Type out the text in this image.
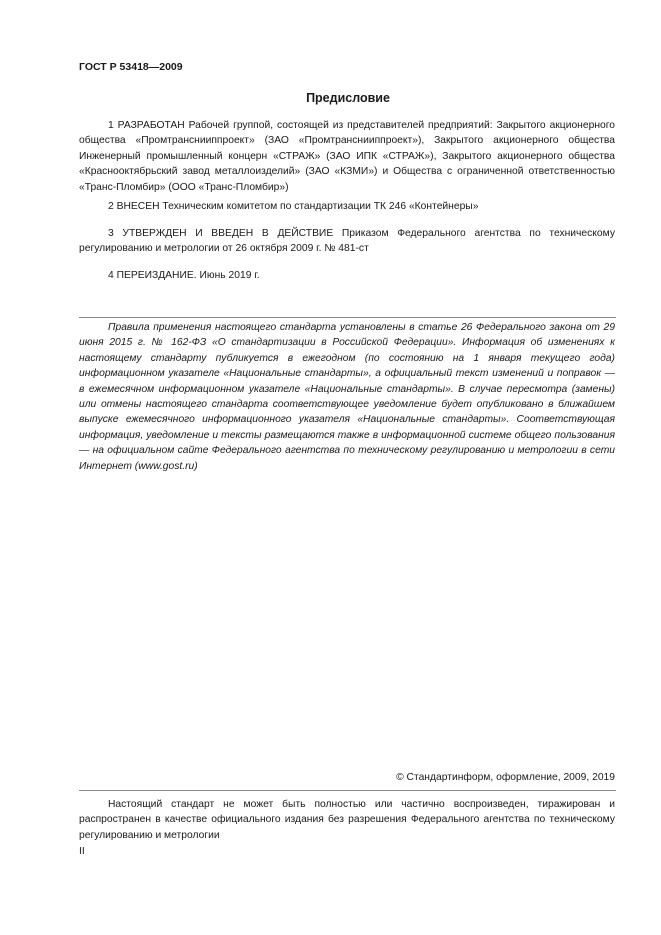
ГОСТ Р 53418—2009
Предисловие

1 РАЗРАБОТАН Рабочей группой, состоящей из представителей предприятий: Закрытого акционерного общества «Промтранснииппроект» (ЗАО «Промтранснииппроект»), Закрытого акционерного общества Инженерный промышленный концерн «СТРАЖ» (ЗАО ИПК «СТРАЖ»), Закрытого акционерного общества «Краснооктябрьский завод металлоизделий» (ЗАО «КЗМИ») и Общества с ограниченной ответственностью «Транс-Пломбир» (ООО «Транс-Пломбир»)

2 ВНЕСЕН Техническим комитетом по стандартизации ТК 246 «Контейнеры»

3 УТВЕРЖДЕН И ВВЕДЕН В ДЕЙСТВИЕ Приказом Федерального агентства по техническому регулированию и метрологии от 26 октября 2009 г. № 481-ст

4 ПЕРЕИЗДАНИЕ. Июнь 2019 г.

Правила применения настоящего стандарта установлены в статье 26 Федерального закона от 29 июня 2015 г. № 162-ФЗ «О стандартизации в Российской Федерации». Информация об изменениях к настоящему стандарту публикуется в ежегодном (по состоянию на 1 января текущего года) информационном указателе «Национальные стандарты», а официальный текст изменений и поправок — в ежемесячном информационном указателе «Национальные стандарты». В случае пересмотра (замены) или отмены настоящего стандарта соответствующее уведомление будет опубликовано в ближайшем выпуске ежемесячного информационного указателя «Национальные стандарты». Соответствующая информация, уведомление и тексты размещаются также в информационной системе общего пользования — на официальном сайте Федерального агентства по техническому регулированию и метрологии в сети Интернет (www.gost.ru)

© Стандартинформ, оформление, 2009, 2019

Настоящий стандарт не может быть полностью или частично воспроизведен, тиражирован и распространен в качестве официального издания без разрешения Федерального агентства по техническому регулированию и метрологии

II
